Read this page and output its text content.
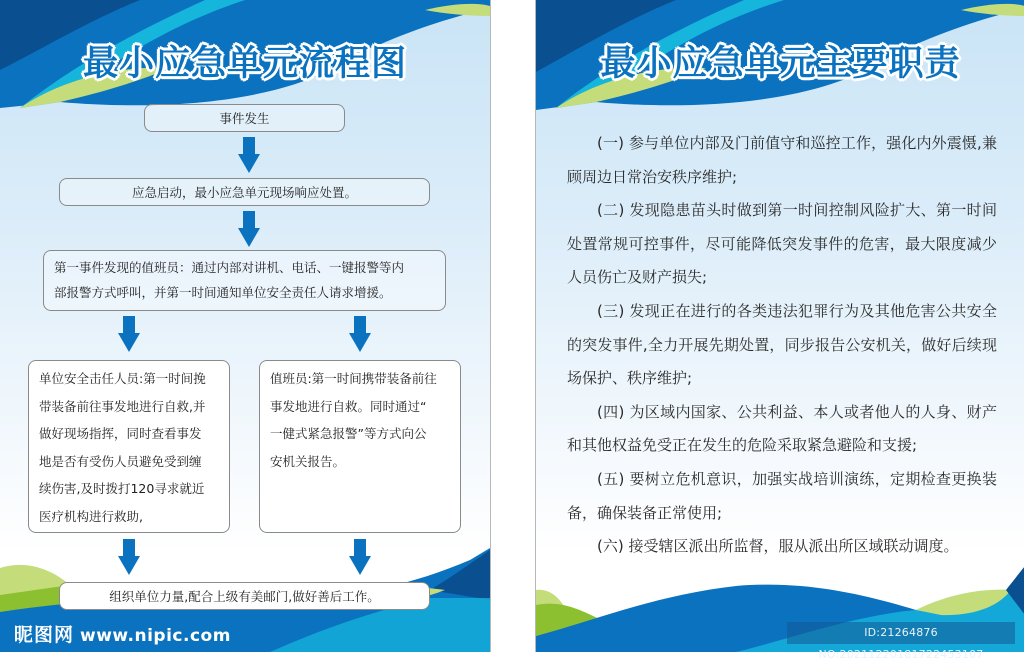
最小应急单元流程图
事件发生
应急启动，最小应急单元现场响应处置。
第一事件发现的值班员：通过内部对讲机、电话、一键报警等内
部报警方式呼叫，并第一时间通知单位安全责任人请求增援。
单位安全击任人员:第一时间挽
带装备前往事发地进行自救,并
做好现场指挥，同时查看事发
地是否有受伤人员避免受到缠
续伤害,及时拨打120寻求就近
医疗机构进行救助,
值班员:第一时间携带装备前往
事发地进行自救。同时通过“
一健式紧急报警”等方式向公
安机关报告。
组织单位力量,配合上级有美邮门,做好善后工作。
昵图网 www.nipic.com
最小应急单元主要职责

(一) 参与单位内部及门前值守和巡控工作，强化内外震慑,兼顾周边日常治安秩序维护;

(二) 发现隐患苗头时做到第一时间控制风险扩大、第一时间处置常规可控事件，尽可能降低突发事件的危害，最大限度减少人员伤亡及财产损失;

(三) 发现正在进行的各类违法犯罪行为及其他危害公共安全的突发事件,全力开展先期处置，同步报告公安机关，做好后续现场保护、秩序维护;

(四) 为区域内国家、公共利益、本人或者他人的人身、财产和其他权益免受正在发生的危险采取紧急避险和支援;

(五) 要树立危机意识，加强实战培训演练，定期检查更换装备，确保装备正常使用;

(六) 接受辖区派出所监督，服从派出所区域联动调度。

ID:21264876 NO:20211220181722453107
